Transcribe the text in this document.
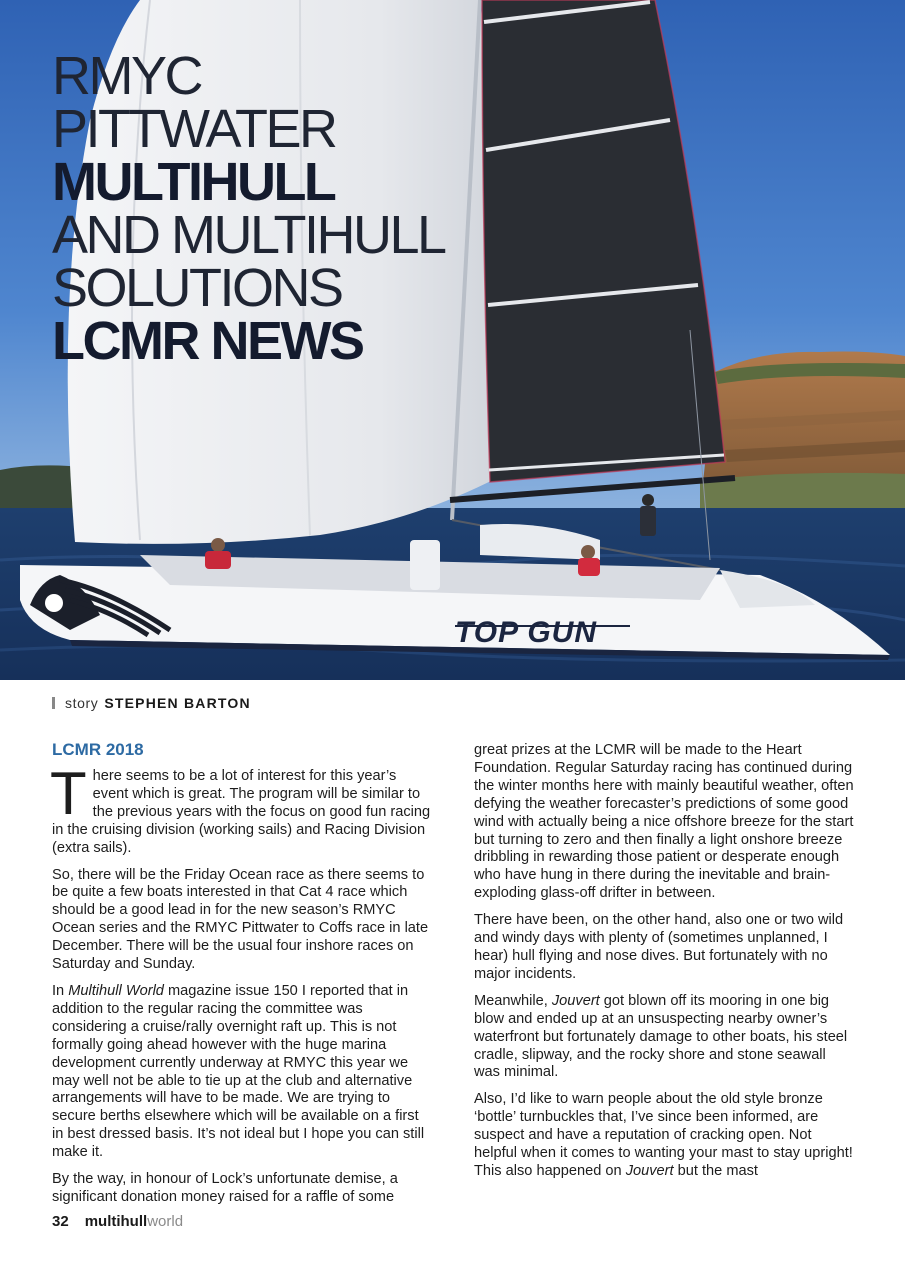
TOP GUN
RMYC
PITTWATER
MULTIHULL
AND MULTIHULL
SOLUTIONS
LCMR NEWS
story STEPHEN BARTON
LCMR 2018

There seems to be a lot of interest for this year’s event which is great. The program will be similar to the previous years with the focus on good fun racing in the cruising division (working sails) and Racing Division (extra sails).

So, there will be the Friday Ocean race as there seems to be quite a few boats interested in that Cat 4 race which should be a good lead in for the new season’s RMYC Ocean series and the RMYC Pittwater to Coffs race in late December. There will be the usual four inshore races on Saturday and Sunday.

In Multihull World magazine issue 150 I reported that in addition to the regular racing the committee was considering a cruise/rally overnight raft up. This is not formally going ahead however with the huge marina development currently underway at RMYC this year we may well not be able to tie up at the club and alternative arrangements will have to be made. We are trying to secure berths elsewhere which will be available on a first in best dressed basis. It’s not ideal but I hope you can still make it.

By the way, in honour of Lock’s unfortunate demise, a significant donation money raised for a raffle of some

great prizes at the LCMR will be made to the Heart Foundation. Regular Saturday racing has continued during the winter months here with mainly beautiful weather, often defying the weather forecaster’s predictions of some good wind with actually being a nice offshore breeze for the start but turning to zero and then finally a light onshore breeze dribbling in rewarding those patient or desperate enough who have hung in there during the inevitable and brain-exploding glass-off drifter in between.

There have been, on the other hand, also one or two wild and windy days with plenty of (sometimes unplanned, I hear) hull flying and nose dives. But fortunately with no major incidents.

Meanwhile, Jouvert got blown off its mooring in one big blow and ended up at an unsuspecting nearby owner’s waterfront but fortunately damage to other boats, his steel cradle, slipway, and the rocky shore and stone seawall was minimal.

Also, I’d like to warn people about the old style bronze ‘bottle’ turnbuckles that, I’ve since been informed, are suspect and have a reputation of cracking open. Not helpful when it comes to wanting your mast to stay upright! This also happened on Jouvert but the mast

32 multihull world
